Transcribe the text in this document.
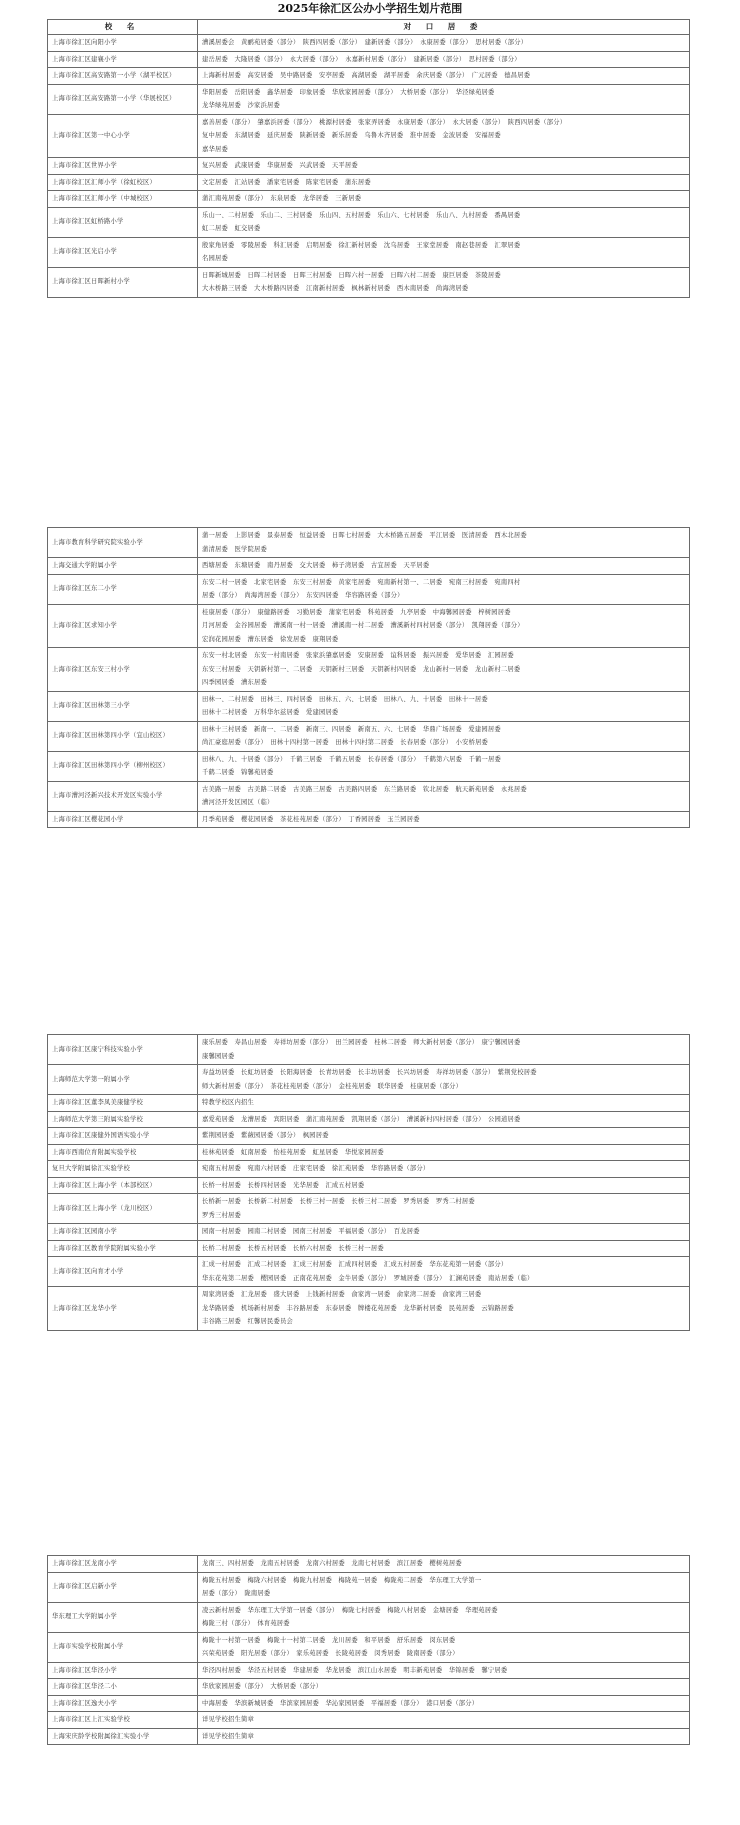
2025年徐汇区公办小学招生划片范围
校 名	对 口 居 委
上海市徐汇区向阳小学	漕溪居委会　黄鹂苑居委（部分）　陕西四居委（部分）　建新居委（部分）　永康居委（部分）　思村居委（部分）

上海市徐汇区建襄小学	建岳居委　大隆居委（部分）　永大居委（部分）　永嘉新村居委（部分）　建新居委（部分）　思村居委（部分）

上海市徐汇区高安路第一小学（湖平校区）	上海新村居委　高安居委　吴中路居委　安亭居委　高湖居委　湖平居委　余庆居委（部分）　广元居委　德昌居委

上海市徐汇区高安路第一小学（华展校区）	华阳居委　岳阳居委　鑫华居委　印象居委　华欣家园居委（部分）　大桥居委（部分）　华泾绿苑居委
龙华绿苑居委　沙家浜居委

上海市徐汇区第一中心小学	嘉善居委（部分）　肇嘉浜居委（部分）　桃源村居委　张家弄居委　永康居委（部分）　永大居委（部分）　陕西四居委（部分）
复中居委　东湖居委　延庆居委　陕新居委　新乐居委　乌鲁木齐居委　淮中居委　金波居委　安福居委
嘉华居委

上海市徐汇区世界小学	复兴居委　武康居委　华康居委　兴武居委　天平居委

上海市徐汇区汇师小学（徐虹校区）	文定居委　汇站居委　潘家宅居委　陈家宅居委　蒲东居委

上海市徐汇区汇师小学（中城校区）	蒲汇南苑居委（部分）　东泉居委　龙华居委　三新居委

上海市徐汇区虹桥路小学	乐山一、二村居委　乐山二、三村居委　乐山四、五村居委　乐山六、七村居委　乐山八、九村居委　番禺居委
虹二居委　虹交居委

上海市徐汇区光启小学	殷家角居委　零陵居委　科汇居委　启明居委　徐汇新村居委　沈乌居委　王家堂居委　南赵巷居委　汇翠居委
名园居委

上海市徐汇区日晖新村小学	日晖新城居委　日晖二村居委　日晖三村居委　日晖六村一居委　日晖六村二居委　康巨居委　茶陵居委
大木桥路三居委　大木桥路四居委　江南新村居委　枫林新村居委　西木南居委　尚海湾居委
上海市教育科学研究院实验小学	蒲一居委　上影居委　景泰居委　恒益居委　日晖七村居委　大木桥路五居委　平江居委　医清居委　西木北居委
蒲清居委　医学院居委

上海交通大学附属小学	西塘居委　东塘居委　南丹居委　交大居委　柿子湾居委　古宜居委　天平居委

上海市徐汇区东二小学	东安二村一居委　北家宅居委　东安三村居委　黄家宅居委　宛南新村第一、二居委　宛南三村居委　宛南四村
居委（部分）　尚海湾居委（部分）　东安四居委　华容路居委（部分）

上海市徐汇区求知小学	桂康居委（部分）　康健路居委　习勤居委　蒲家宅居委　科苑居委　九亭居委　中海馨园居委　梓树园居委
月河居委　金谷园居委　漕溪南一村一居委　漕溪南一村二居委　漕溪新村四村居委（部分）　凯翔居委（部分）
宏润花园居委　漕东居委　徐发居委　康翔居委

上海市徐汇区东安三村小学	东安一村北居委　东安一村南居委　张家浜肇嘉居委　安康居委　谊科居委　振兴居委　爱华居委　汇园居委
东安三村居委　天钥新村第一、二居委　天钥新村三居委　天钥新村四居委　龙山新村一居委　龙山新村二居委
四季园居委　漕东居委

上海市徐汇区田林第三小学	田林一、二村居委　田林三、四村居委　田林五、六、七居委　田林八、九、十居委　田林十一居委
田林十二村居委　万科华尔兹居委　爱建园居委

上海市徐汇区田林第四小学（宜山校区）	田林十三村居委　新南一、二居委　新南三、四居委　新南五、六、七居委　华鼎广场居委　爱建园居委
尚汇豪庭居委（部分）　田林十四村第一居委　田林十四村第二居委　长春居委（部分）　小安桥居委

上海市徐汇区田林第四小学（柳州校区）	田林八、九、十居委（部分）　千鹤三居委　千鹤五居委　长春居委（部分）　千鹤第六居委　千鹤一居委
千鹤二居委　锦馨苑居委

上海市漕河泾新兴技术开发区实验小学	古美路一居委　古美路二居委　古美路三居委　古美路四居委　东兰路居委　钦北居委　航天新苑居委　永兆居委
漕河泾开发区园区（临）

上海市徐汇区樱花园小学	月季苑居委　樱花园居委　茶花桂苑居委（部分）　丁香园居委　玉兰园居委
上海市徐汇区康宁科技实验小学	康乐居委　寿昌山居委　寿祥坊居委（部分）　田兰园居委　桂林二居委　师大新村居委（部分）　康宁馨园居委
康馨园居委

上海师范大学第一附属小学	寿益坊居委　长虹坊居委　长阳海居委　长青坊居委　长丰坊居委　长兴坊居委　寿祥坊居委（部分）　紫荆党校居委
师大新村居委（部分）　茶花桂苑居委（部分）　金桂苑居委　联华居委　桂康居委（部分）

上海市徐汇区董李凤美康健学校	特教学校区内招生

上海师范大学第三附属实验学校	嘉爱苑居委　龙漕居委　宾阳居委　蒲汇南苑居委　凯翔居委（部分）　漕溪新村四村居委（部分）　公园道居委

上海市徐汇区康健外国语实验小学	紫荆园居委　紫薇园居委（部分）　枫园居委

上海市西南位育附属实验学校	桂林苑居委　虹南居委　怡桂苑居委　虹星居委　华悦家园居委

复旦大学附属徐汇实验学校	宛南五村居委　宛南六村居委　庄家宅居委　徐汇苑居委　华容路居委（部分）

上海市徐汇区上海小学（本部校区）	长桥一村居委　长桥四村居委　光华居委　汇成五村居委

上海市徐汇区上海小学（龙川校区）	长桥新一居委　长桥新二村居委　长桥三村一居委　长桥三村二居委　罗秀居委　罗秀二村居委
罗秀三村居委

上海市徐汇区园南小学	园南一村居委　园南二村居委　园南三村居委　平福居委（部分）　百龙居委

上海市徐汇区教育学院附属实验小学	长桥二村居委　长桥五村居委　长桥六村居委　长桥三村一居委

上海市徐汇区向育才小学	汇成一村居委　汇成二村居委　汇成三村居委　汇成四村居委　汇成五村居委　华东花苑第一居委（部分）
华东花苑第二居委　樱园居委　正南花苑居委　金牛居委（部分）　罗城居委（部分）　汇澜苑居委　南站居委（临）

上海市徐汇区龙华小学	周家湾居委　汇龙居委　盛大居委　上钱新村居委　俞家湾一居委　俞家湾二居委　俞家湾三居委
龙华路居委　机场新村居委　丰谷路居委　东泰居委　牌楼花苑居委　龙华新村居委　民苑居委　云锦路居委
丰谷路三居委　红馨居民委员会
上海市徐汇区龙南小学	龙南三、四村居委　龙南五村居委　龙南六村居委　龙南七村居委　滨江居委　樱树苑居委

上海市徐汇区启新小学	梅陇五村居委　梅陇六村居委　梅陇九村居委　梅陇苑一居委　梅陇苑二居委　华东理工大学第一
居委（部分）　陇南居委

华东理工大学附属小学	凌云新村居委　华东理工大学第一居委（部分）　梅陇七村居委　梅陇八村居委　金塘居委　华理苑居委
梅陇三村（部分）　体育苑居委

上海市实验学校附属小学	梅陇十一村第一居委　梅陇十一村第二居委　龙川居委　和平居委　舒乐居委　闵东居委
兴荣苑居委　阳光居委（部分）　家乐苑居委　长陇苑居委　闵秀居委　陇南居委（部分）

上海市徐汇区华泾小学	华泾四村居委　华泾五村居委　华建居委　华龙居委　滨江山水居委　明丰新苑居委　华锦居委　馨宁居委

上海市徐汇区华泾二小	华欣家园居委（部分）　大桥居委（部分）

上海市徐汇区逸夫小学	中海居委　华滨新城居委　华滨家园居委　华沁家园居委　平福居委（部分）　港口居委（部分）

上海市徐汇区上汇实验学校	详见学校招生简章

上海宋庆龄学校附属徐汇实验小学	详见学校招生简章
